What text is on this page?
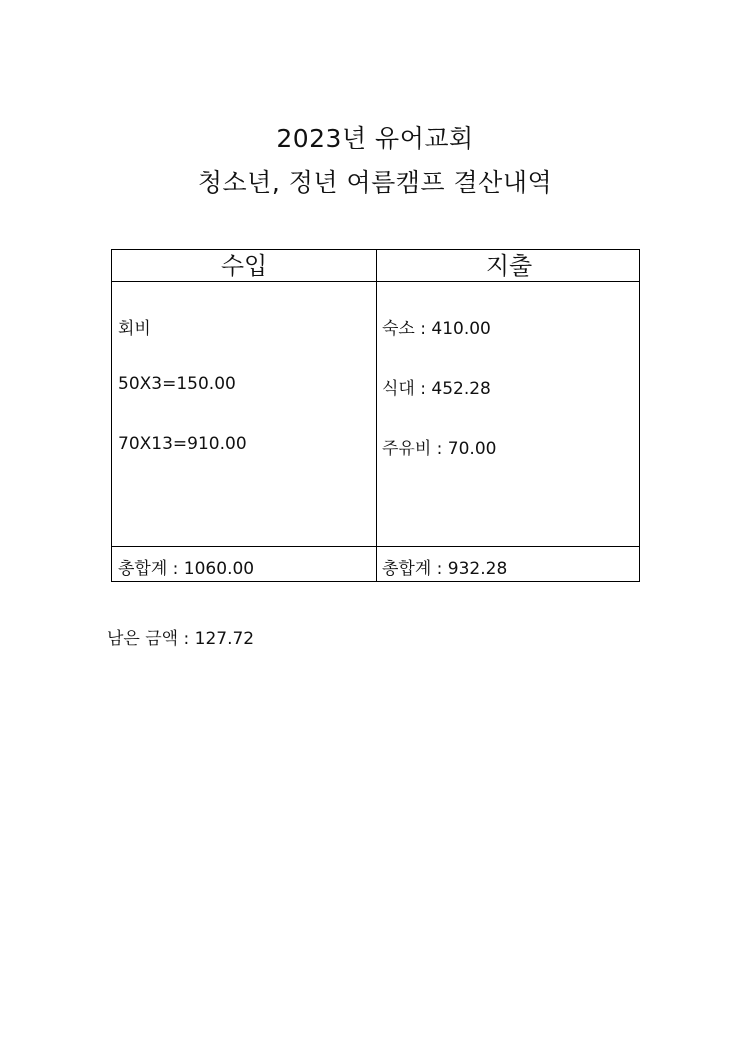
2023년 유어교회
청소년, 정년 여름캠프 결산내역
수입	지출
회비
50X3=150.00
70X13=910.00
숙소 : 410.00
식대 : 452.28
주유비 : 70.00
총합계 : 1060.00	총합계 : 932.28
남은 금액 : 127.72
